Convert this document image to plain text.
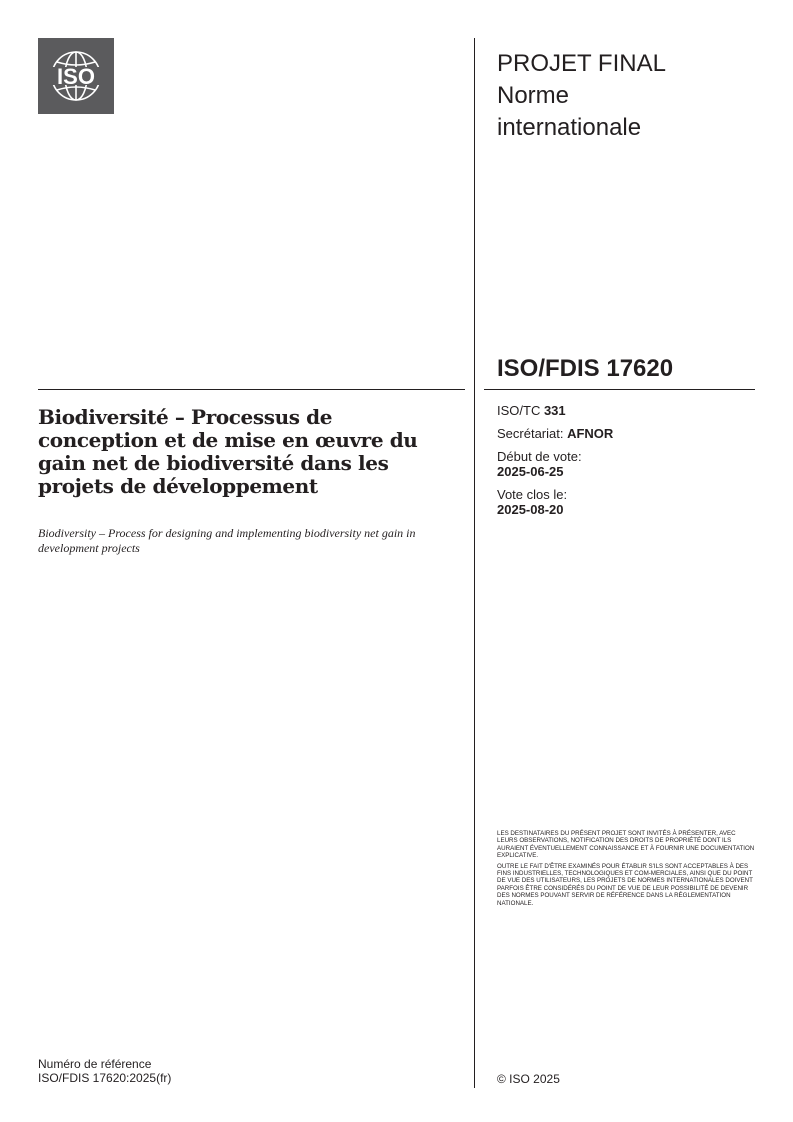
ISO	PROJET FINAL
Norme
internationale
ISO/FDIS 17620
Biodiversité – Processus de conception et de mise en œuvre du gain net de biodiversité dans les projets de développement
Biodiversity – Process for designing and implementing biodiversity net gain in development projects
ISO/TC 331
Secrétariat: AFNOR
Début de vote:
2025-06-25
Vote clos le:
2025-08-20

LES DESTINATAIRES DU PRÉSENT PROJET SONT INVITÉS À PRÉSENTER, AVEC LEURS OBSERVATIONS, NOTIFICATION DES DROITS DE PROPRIÉTÉ DONT ILS AURAIENT ÉVENTUELLEMENT CONNAISSANCE ET À FOURNIR UNE DOCUMENTATION EXPLICATIVE.

OUTRE LE FAIT D'ÊTRE EXAMINÉS POUR ÉTABLIR S'ILS SONT ACCEPTABLES À DES FINS INDUSTRIELLES, TECHNOLOGIQUES ET COM-MERCIALES, AINSI QUE DU POINT DE VUE DES UTILISATEURS, LES PROJETS DE NORMES INTERNATIONALES DOIVENT PARFOIS ÊTRE CONSIDÉRÉS DU POINT DE VUE DE LEUR POSSIBILITÉ DE DEVENIR DES NORMES POUVANT SERVIR DE RÉFÉRENCE DANS LA RÉGLEMENTATION NATIONALE.

Numéro de référence
ISO/FDIS 17620:2025(fr)	© ISO 2025
